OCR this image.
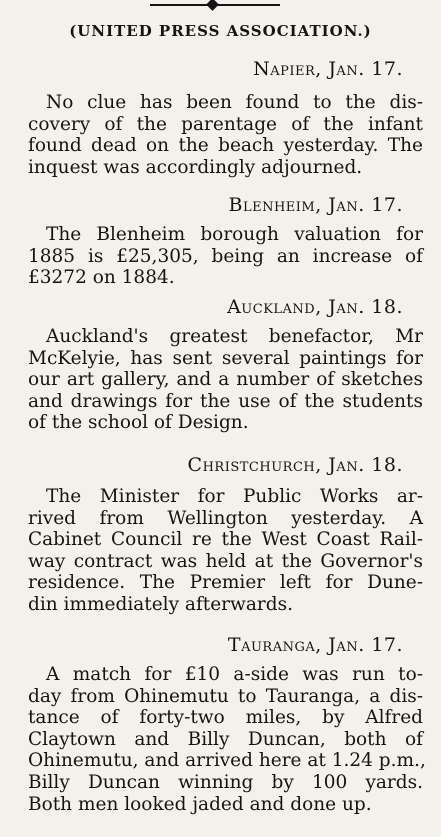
(UNITED PRESS ASSOCIATION.)
Napier, Jan. 17.
No clue has been found to the dis-
covery of the parentage of the infant
found dead on the beach yesterday. The
inquest was accordingly adjourned.
Blenheim, Jan. 17.
The Blenheim borough valuation for
1885 is £25,305, being an increase of
£3272 on 1884.
Auckland, Jan. 18.
Auckland's greatest benefactor, Mr
McKelyie, has sent several paintings for
our art gallery, and a number of sketches
and drawings for the use of the students
of the school of Design.
Christchurch, Jan. 18.
The Minister for Public Works ar-
rived from Wellington yesterday. A
Cabinet Council re the West Coast Rail-
way contract was held at the Governor's
residence. The Premier left for Dune-
din immediately afterwards.
Tauranga, Jan. 17.
A match for £10 a-side was run to-
day from Ohinemutu to Tauranga, a dis-
tance of forty-two miles, by Alfred
Claytown and Billy Duncan, both of
Ohinemutu, and arrived here at 1.24 p.m.,
Billy Duncan winning by 100 yards.
Both men looked jaded and done up.
